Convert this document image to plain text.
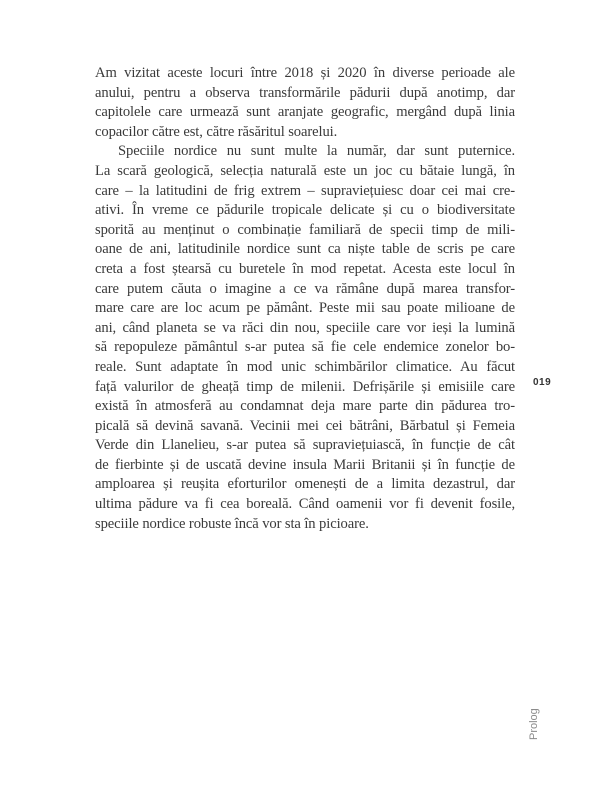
Am vizitat aceste locuri între 2018 și 2020 în diverse perioade ale
anului, pentru a observa transformările pădurii după anotimp, dar
capitolele care urmează sunt aranjate geografic, mergând după linia
copacilor către est, către răsăritul soarelui.
Speciile nordice nu sunt multe la număr, dar sunt puternice.
La scară geologică, selecția naturală este un joc cu bătaie lungă, în
care – la latitudini de frig extrem – supraviețuiesc doar cei mai cre-
ativi. În vreme ce pădurile tropicale delicate și cu o biodiversitate
sporită au menținut o combinație familiară de specii timp de mili-
oane de ani, latitudinile nordice sunt ca niște table de scris pe care
creta a fost ștearsă cu buretele în mod repetat. Acesta este locul în
care putem căuta o imagine a ce va rămâne după marea transfor-
mare care are loc acum pe pământ. Peste mii sau poate milioane de
ani, când planeta se va răci din nou, speciile care vor ieși la lumină
să repopuleze pământul s-ar putea să fie cele endemice zonelor bo-
reale. Sunt adaptate în mod unic schimbărilor climatice. Au făcut
față valurilor de gheață timp de milenii. Defrișările și emisiile care
există în atmosferă au condamnat deja mare parte din pădurea tro-
picală să devină savană. Vecinii mei cei bătrâni, Bărbatul și Femeia
Verde din Llanelieu, s-ar putea să supraviețuiască, în funcție de cât
de fierbinte și de uscată devine insula Marii Britanii și în funcție de
amploarea și reușita eforturilor omenești de a limita dezastrul, dar
ultima pădure va fi cea boreală. Când oamenii vor fi devenit fosile,
speciile nordice robuste încă vor sta în picioare.
019
Prolog
